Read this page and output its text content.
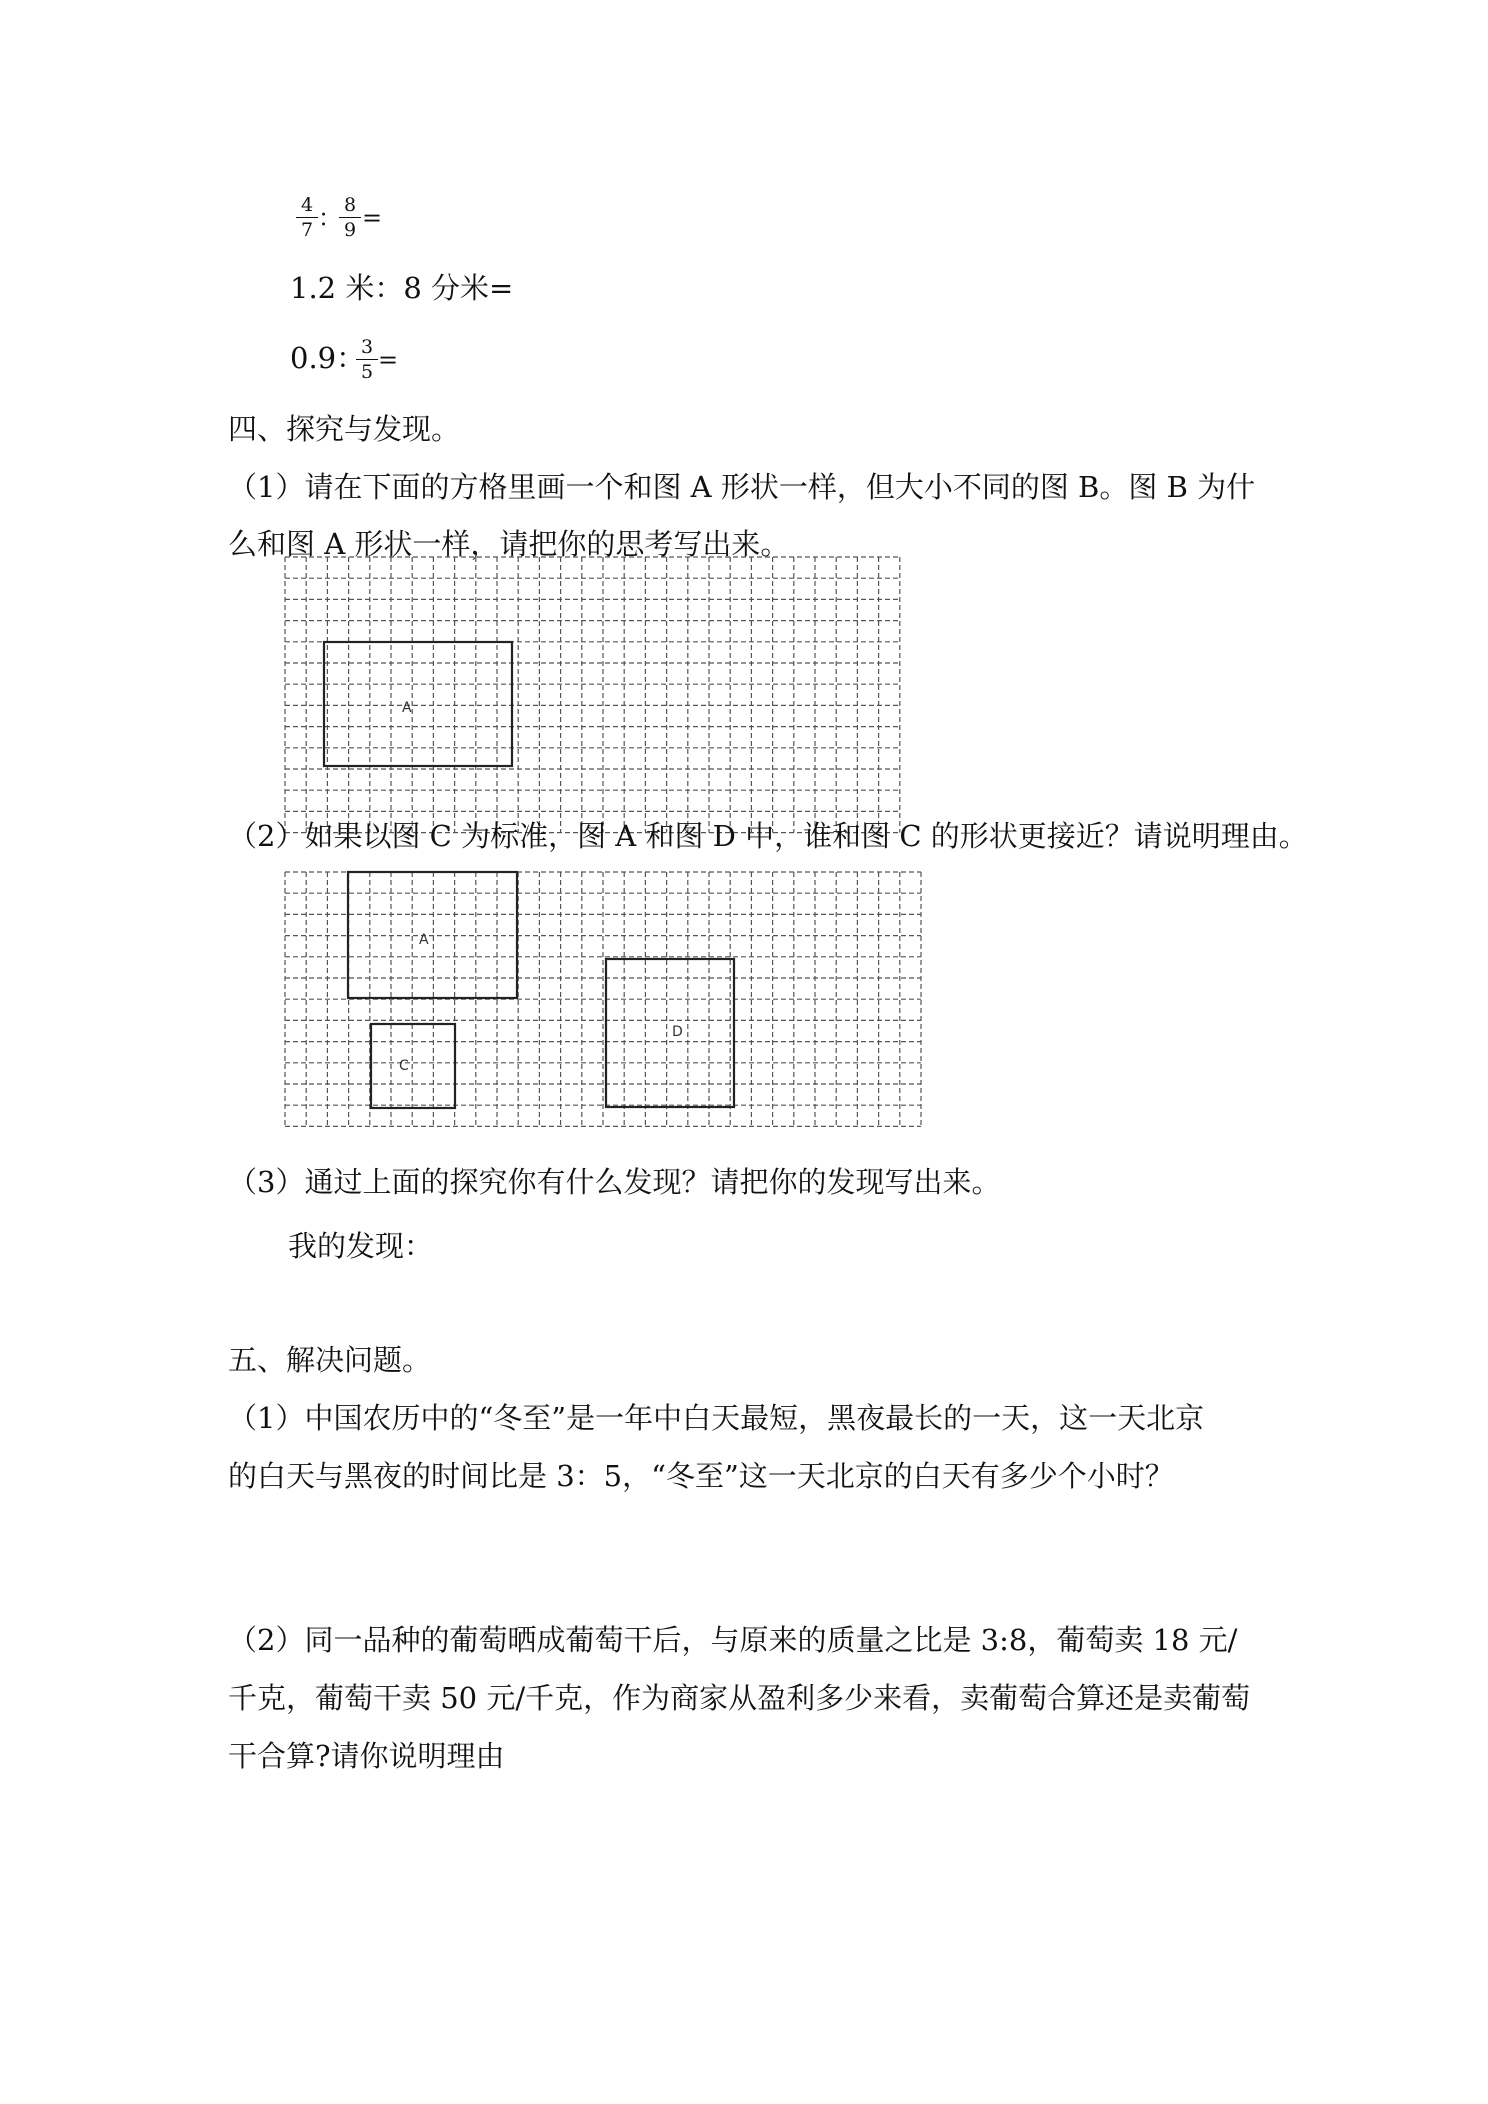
$\frac{4}{7}$ ：
$\frac{8}{9}$ =
1.2 米：8 分米=
0.9：
$\frac{3}{5}$ =
四、探究与发现。
（1）请在下面的方格里画一个和图 A 形状一样，但大小不同的图 B。图 B 为什
么和图 A 形状一样，请把你的思考写出来。
A
A
C
D
（2）如果以图 C 为标准，图 A 和图 D 中，谁和图 C 的形状更接近？请说明理由。
（3）通过上面的探究你有什么发现？请把你的发现写出来。
我的发现：
五、解决问题。
（1）中国农历中的“冬至”是一年中白天最短，黑夜最长的一天，这一天北京
的白天与黑夜的时间比是 3：5，“冬至”这一天北京的白天有多少个小时？
（2）同一品种的葡萄晒成葡萄干后，与原来的质量之比是 3:8，葡萄卖 18 元/
千克，葡萄干卖 50 元/千克，作为商家从盈利多少来看，卖葡萄合算还是卖葡萄
干合算?请你说明理由
